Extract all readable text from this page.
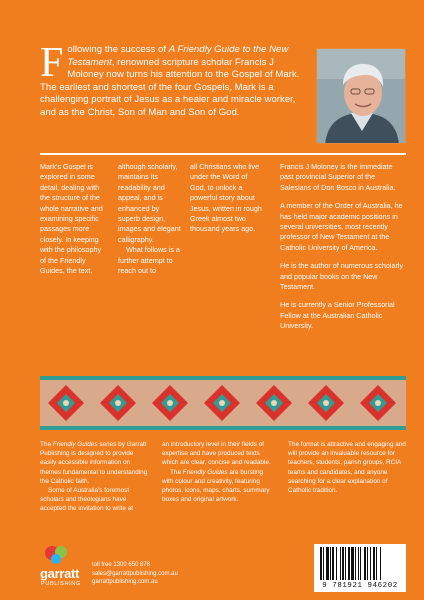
Following the success of A Friendly Guide to the New Testament, renowned scripture scholar Francis J Moloney now turns his attention to the Gospel of Mark. The earliest and shortest of the four Gospels, Mark is a challenging portrait of Jesus as a healer and miracle worker, and as the Christ, Son of Man and Son of God.

Mark's Gospel is explored in some detail, dealing with the structure of the whole narrative and examining specific passages more closely. In keeping with the philosophy of the Friendly Guides, the text,

although scholarly, maintains its readability and appeal, and is enhanced by superb design, images and elegant calligraphy.

What follows is a further attempt to reach out to

all Christians who live under the Word of God, to unlock a powerful story about Jesus, written in rough Greek almost two thousand years ago.

Francis J Moloney is the immediate past provincial Superior of the Salesians of Don Bosco in Australia.

A member of the Order of Australia, he has held major academic positions in several universities, most recently professor of New Testament at the Catholic University of America.

He is the author of numerous scholarly and popular books on the New Testament.

He is currently a Senior Professorial Fellow at the Australian Catholic University.

The Friendly Guides series by Garratt Publishing is designed to provide easily accessible information on themes fundamental to understanding the Catholic faith.

Some of Australia's foremost scholars and theologians have accepted the invitation to write at

an introductory level in their fields of expertise and have produced texts which are clear, concise and readable.

The Friendly Guides are bursting with colour and creativity, featuring photos, icons, maps, charts, summary boxes and original artwork.

The format is attractive and engaging and will provide an invaluable resource for teachers, students, parish groups, RCIA teams and candidates, and anyone searching for a clear explanation of Catholic tradition.

garratt
PUBLISHING
toll free 1300 650 878
sales@garrattpublishing.com.au
garrattpublishing.com.au	9 781921 946202
